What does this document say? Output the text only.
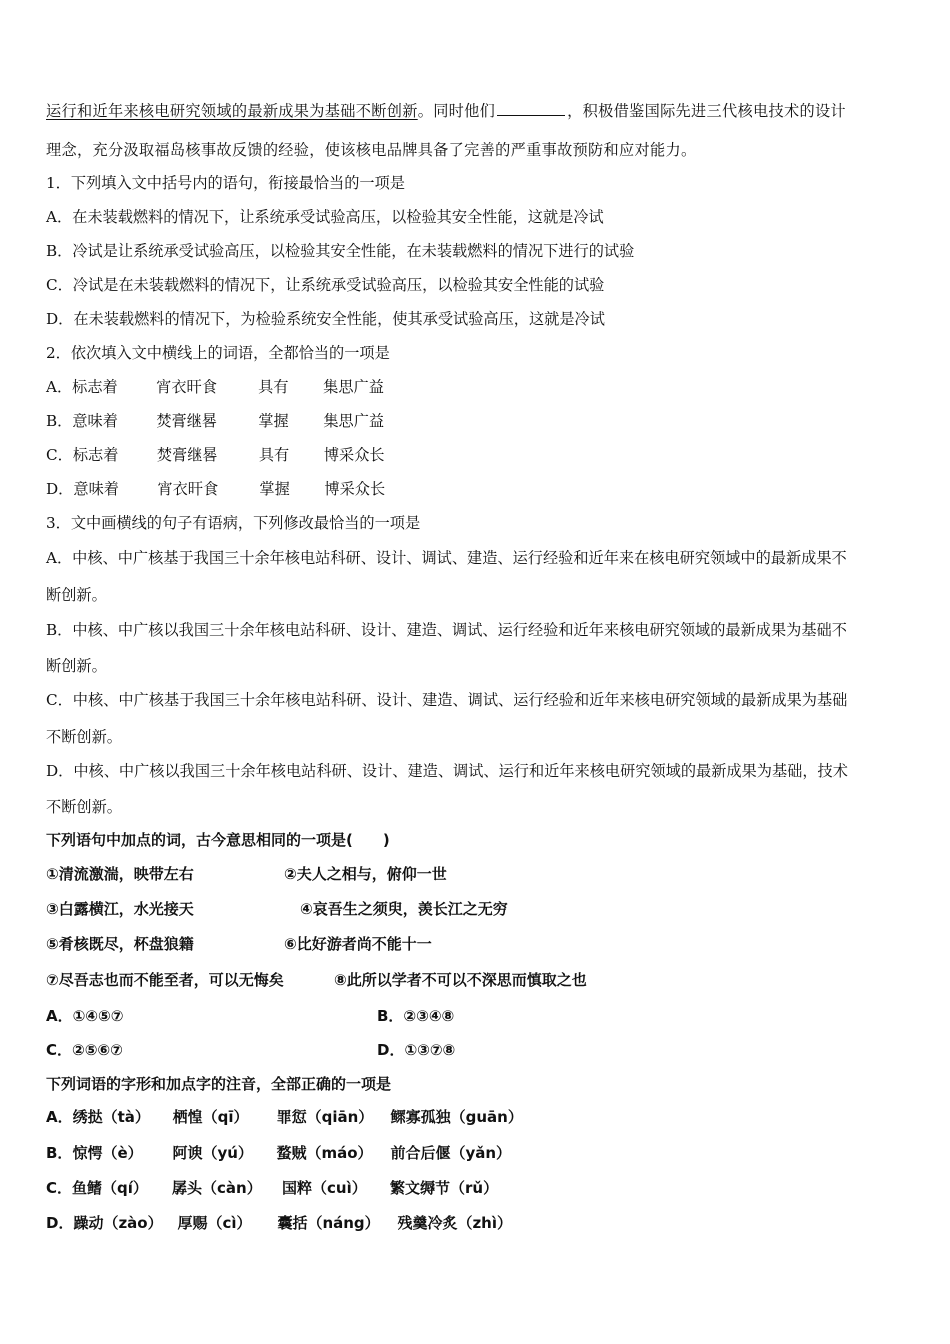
运行和近年来核电研究领域的最新成果为基础不断创新。同时他们	，积极借鉴国际先进三代核电技术的设计
理念，充分汲取福岛核事故反馈的经验，使该核电品牌具备了完善的严重事故预防和应对能力。
1．下列填入文中括号内的语句，衔接最恰当的一项是
A．在未装载燃料的情况下，让系统承受试验高压，以检验其安全性能，这就是冷试
B．冷试是让系统承受试验高压，以检验其安全性能，在未装载燃料的情况下进行的试验
C．冷试是在未装载燃料的情况下，让系统承受试验高压，以检验其安全性能的试验
D．在未装载燃料的情况下，为检验系统安全性能，使其承受试验高压，这就是冷试
2．依次填入文中横线上的词语，全都恰当的一项是
A．标志着	宵衣旰食	具有 集思广益
B．意味着	焚膏继晷	掌握 集思广益
C．标志着	焚膏继晷	具有 博采众长
D．意味着	宵衣旰食	掌握 博采众长
3．文中画横线的句子有语病，下列修改最恰当的一项是
A．中核、中广核基于我国三十余年核电站科研、设计、调试、建造、运行经验和近年来在核电研究领域中的最新成果不
断创新。
B．中核、中广核以我国三十余年核电站科研、设计、建造、调试、运行经验和近年来核电研究领域的最新成果为基础不
断创新。
C．中核、中广核基于我国三十余年核电站科研、设计、建造、调试、运行经验和近年来核电研究领域的最新成果为基础
不断创新。
D．中核、中广核以我国三十余年核电站科研、设计、建造、调试、运行和近年来核电研究领域的最新成果为基础，技术
不断创新。
下列语句中加点的词，古今意思相同的一项是(　　)
①清流激湍，映带左右	②夫人之相与，俯仰一世
③白露横江，水光接天	④哀吾生之须臾，羡长江之无穷
⑤肴核既尽，杯盘狼籍	⑥比好游者尚不能十一
⑦尽吾志也而不能至者，可以无悔矣	⑧此所以学者不可以不深思而慎取之也
A．①④⑤⑦	B．②③④⑧
C．②⑤⑥⑦	D．①③⑦⑧
下列词语的字形和加点字的注音，全部正确的一项是
A．绣挞（tà） 栖惶（qī） 罪愆（qiān） 鳏寡孤独（guān）
B．惊愕（è） 阿谀（yú） 蝥贼（máo） 前合后偃（yǎn）
C．鱼鳍（qí） 孱头（càn） 国粹（cuì） 繁文缛节（rǔ）
D．躁动（zào） 厚赐（cì） 囊括（náng） 残羹冷炙（zhì）
